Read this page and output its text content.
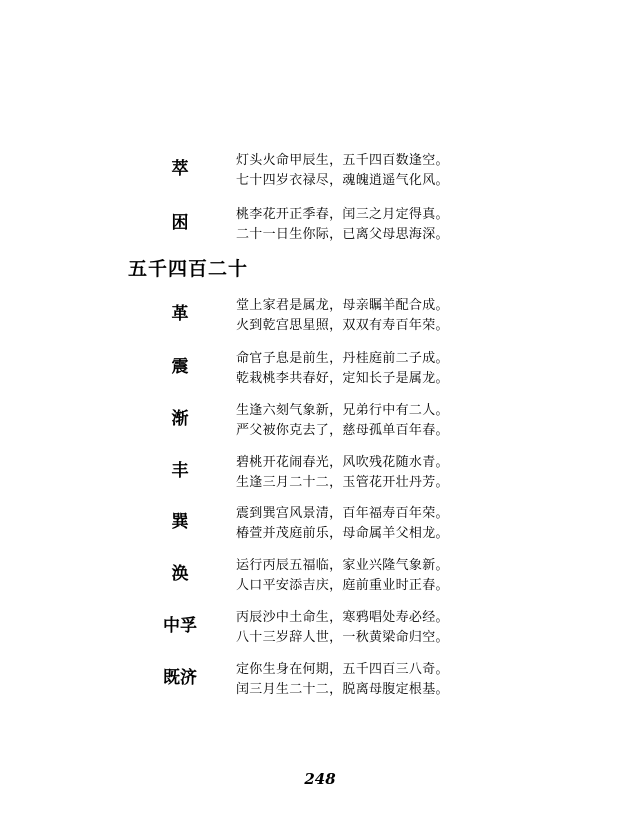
萃	灯头火命甲辰生，五千四百数逢空。
七十四岁衣禄尽，魂魄逍遥气化风。
困	桃李花开正季春，闰三之月定得真。
二十一日生你际，已离父母思海深。
五千四百二十
革	堂上家君是属龙，母亲瞩羊配合成。
火到乾宫思星照，双双有寿百年荣。
震	命官子息是前生，丹桂庭前二子成。
乾栽桃李共春好，定知长子是属龙。
渐	生逢六刻气象新，兄弟行中有二人。
严父被你克去了，慈母孤单百年春。
丰	碧桃开花闹春光，风吹残花随水青。
生逢三月二十二，玉管花开壮丹芳。
巽	震到巽宫风景清，百年福寿百年荣。
椿萱并茂庭前乐，母命属羊父相龙。
涣	运行丙辰五福临，家业兴隆气象新。
人口平安添吉庆，庭前重业时正春。
中孚	丙辰沙中土命生，寒鸦唱处寿必经。
八十三岁辞人世，一秋黄梁命归空。
既济	定你生身在何期，五千四百三八奇。
闰三月生二十二，脱离母腹定根基。
248
